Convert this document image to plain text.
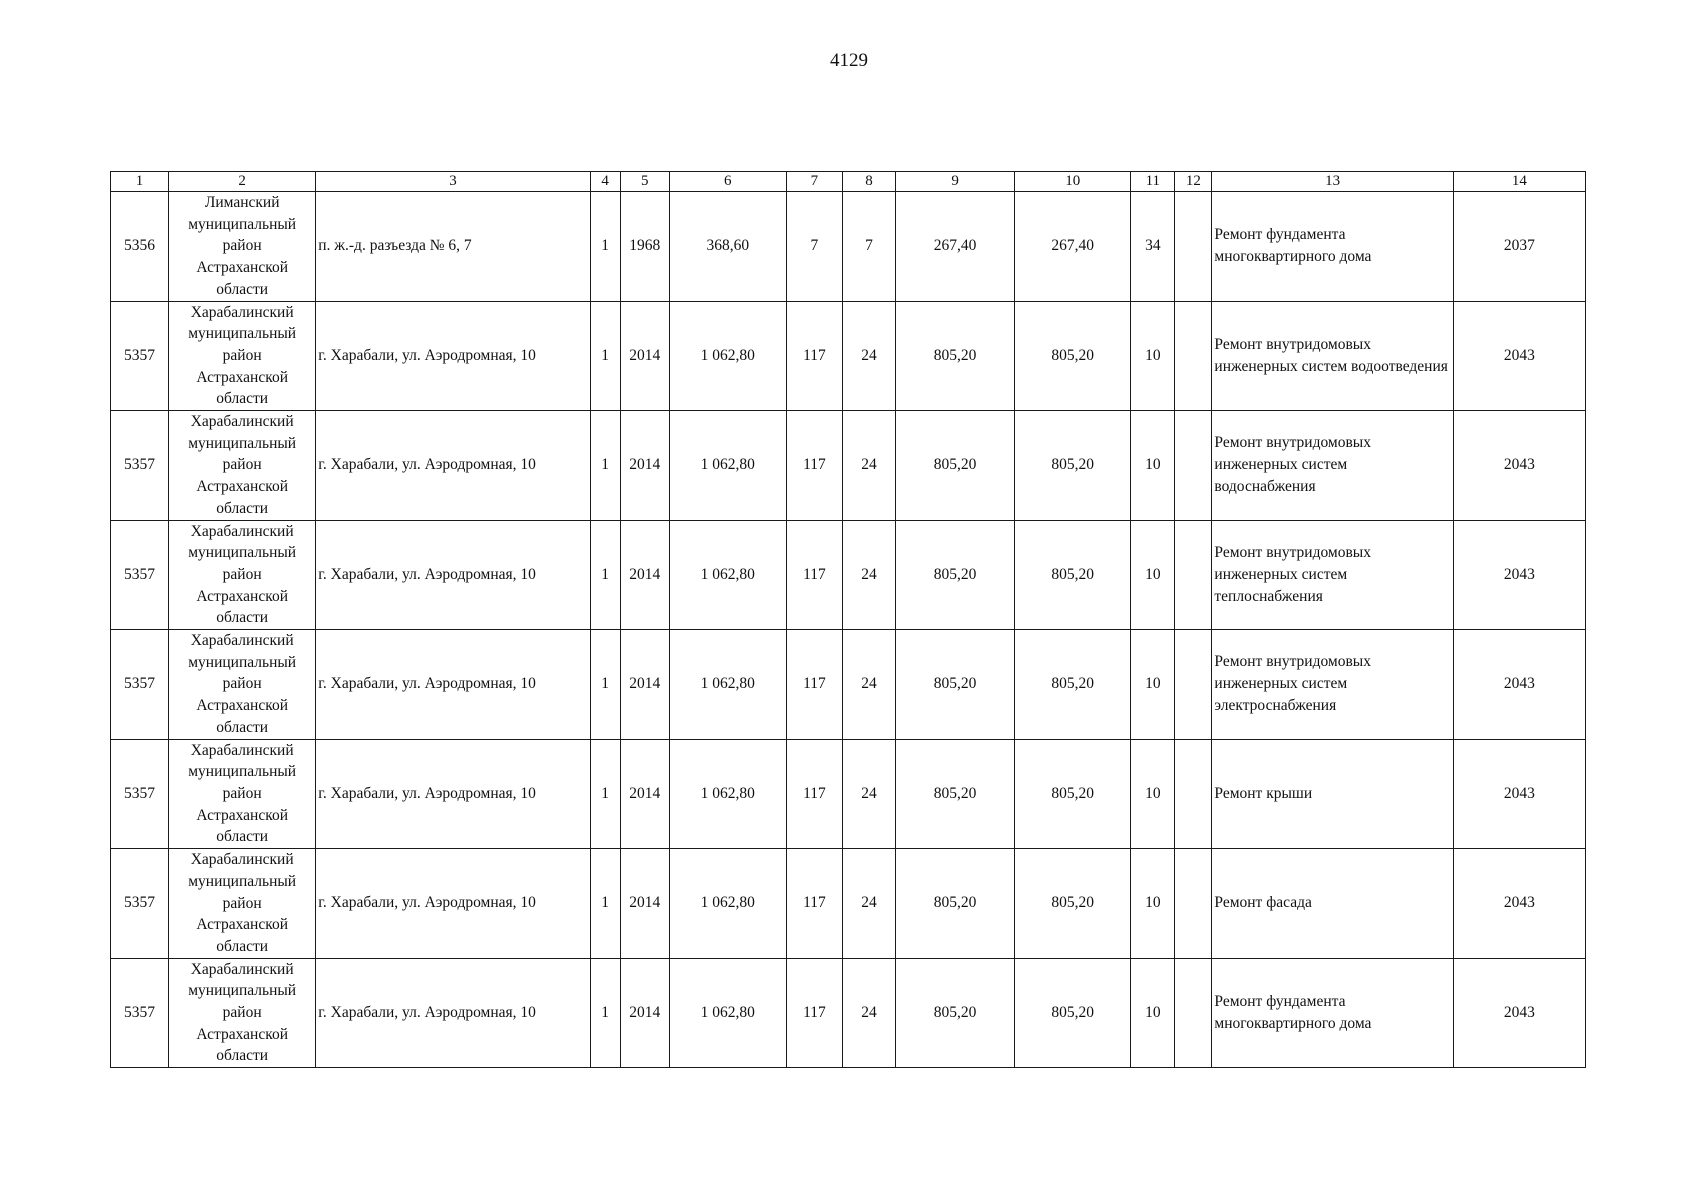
4129
1	2	3	4	5	6	7	8	9	10	11	12	13	14
5356	Лиманский
муниципальный
район
Астраханской
области	п. ж.-д. разъезда № 6, 7	1	1968	368,60	7	7	267,40	267,40	34		Ремонт фундамента многоквартирного дома	2037
5357	Харабалинский
муниципальный
район
Астраханской
области	г. Харабали, ул. Аэродромная, 10	1	2014	1 062,80	117	24	805,20	805,20	10		Ремонт внутридомовых инженерных систем водоотведения	2043
5357	Харабалинский
муниципальный
район
Астраханской
области	г. Харабали, ул. Аэродромная, 10	1	2014	1 062,80	117	24	805,20	805,20	10		Ремонт внутридомовых инженерных систем водоснабжения	2043
5357	Харабалинский
муниципальный
район
Астраханской
области	г. Харабали, ул. Аэродромная, 10	1	2014	1 062,80	117	24	805,20	805,20	10		Ремонт внутридомовых инженерных систем теплоснабжения	2043
5357	Харабалинский
муниципальный
район
Астраханской
области	г. Харабали, ул. Аэродромная, 10	1	2014	1 062,80	117	24	805,20	805,20	10		Ремонт внутридомовых инженерных систем электроснабжения	2043
5357	Харабалинский
муниципальный
район
Астраханской
области	г. Харабали, ул. Аэродромная, 10	1	2014	1 062,80	117	24	805,20	805,20	10		Ремонт крыши	2043
5357	Харабалинский
муниципальный
район
Астраханской
области	г. Харабали, ул. Аэродромная, 10	1	2014	1 062,80	117	24	805,20	805,20	10		Ремонт фасада	2043
5357	Харабалинский
муниципальный
район
Астраханской
области	г. Харабали, ул. Аэродромная, 10	1	2014	1 062,80	117	24	805,20	805,20	10		Ремонт фундамента многоквартирного дома	2043
